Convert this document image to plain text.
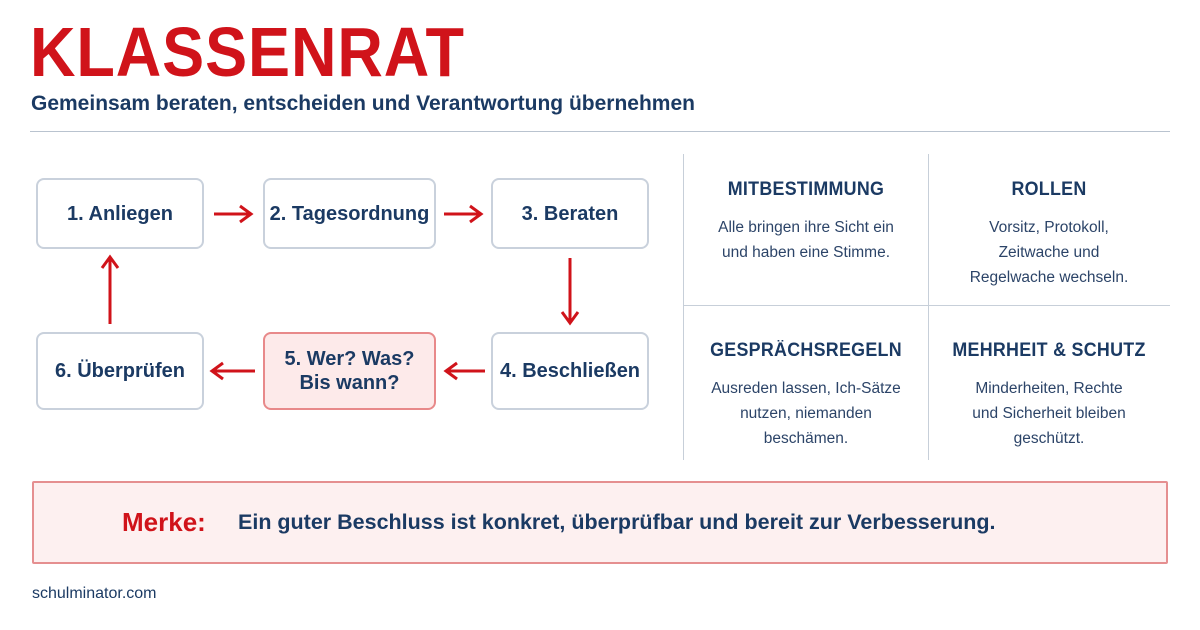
KLASSENRAT
Gemeinsam beraten, entscheiden und Verantwortung übernehmen
1. Anliegen	2. Tagesordnung	3. Beraten
4. Beschließen
5. Wer? Was?
Bis wann?
6. Überprüfen
MITBESTIMMUNG
Alle bringen ihre Sicht ein
und haben eine Stimme.
ROLLEN
Vorsitz, Protokoll,
Zeitwache und
Regelwache wechseln.
GESPRÄCHSREGELN
Ausreden lassen, Ich-Sätze
nutzen, niemanden
beschämen.
MEHRHEIT & SCHUTZ
Minderheiten, Rechte
und Sicherheit bleiben
geschützt.
Merke: Ein guter Beschluss ist konkret, überprüfbar und bereit zur Verbesserung.
schulminator.com
